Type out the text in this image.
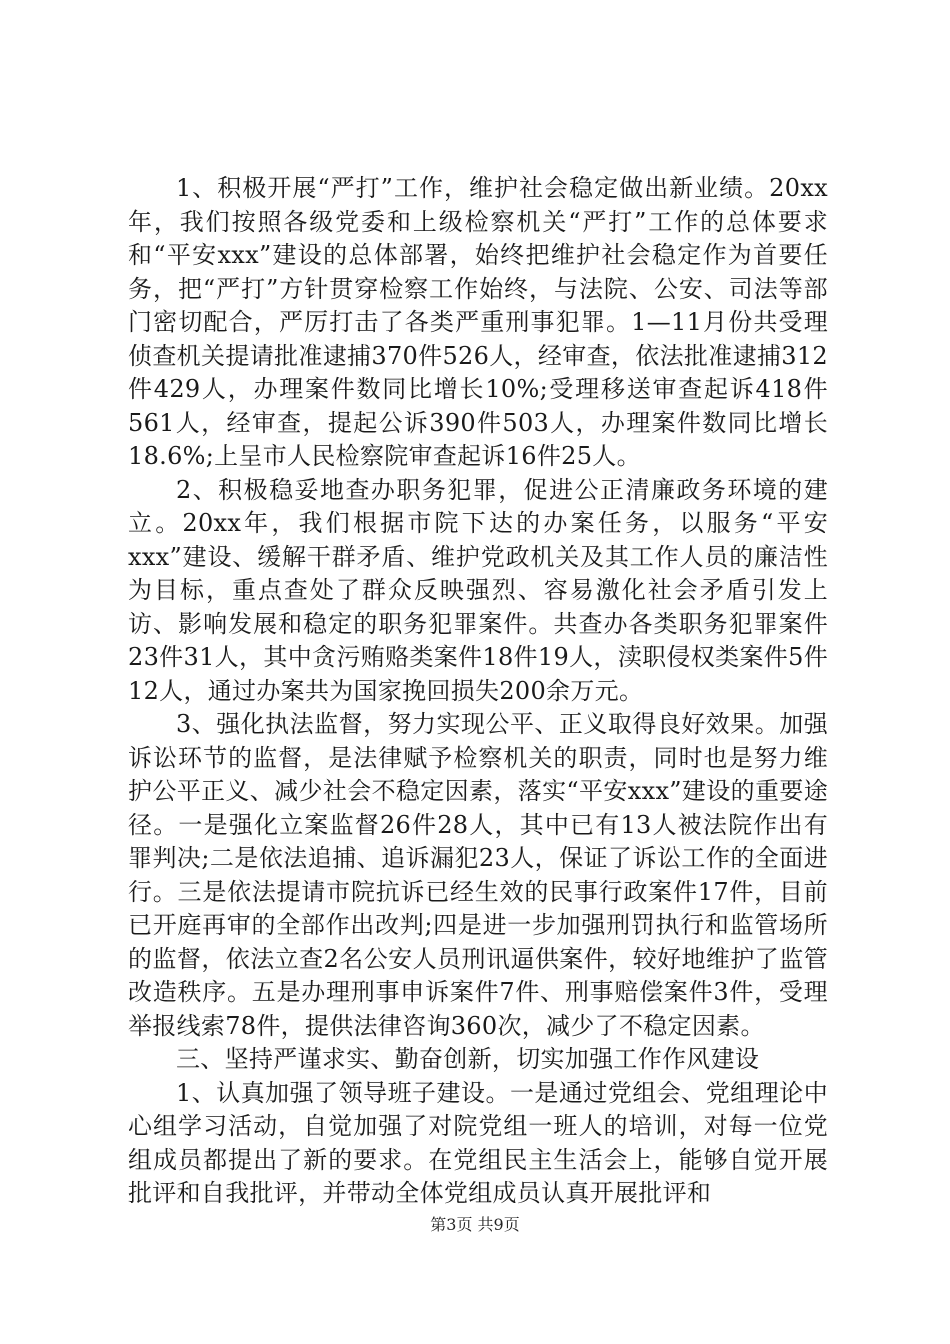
1、积极开展“严打”工作，维护社会稳定做出新业绩。20xx年，我们按照各级党委和上级检察机关“严打”工作的总体要求和“平安xxx”建设的总体部署，始终把维护社会稳定作为首要任务，把“严打”方针贯穿检察工作始终，与法院、公安、司法等部门密切配合，严厉打击了各类严重刑事犯罪。1—11月份共受理侦查机关提请批准逮捕370件526人，经审查，依法批准逮捕312件429人，办理案件数同比增长10%;受理移送审查起诉418件561人，经审查，提起公诉390件503人，办理案件数同比增长18.6%;上呈市人民检察院审查起诉16件25人。

2、积极稳妥地查办职务犯罪，促进公正清廉政务环境的建立。20xx年，我们根据市院下达的办案任务，以服务“平安xxx”建设、缓解干群矛盾、维护党政机关及其工作人员的廉洁性为目标，重点查处了群众反映强烈、容易激化社会矛盾引发上访、影响发展和稳定的职务犯罪案件。共查办各类职务犯罪案件23件31人，其中贪污贿赂类案件18件19人，渎职侵权类案件5件12人，通过办案共为国家挽回损失200余万元。

3、强化执法监督，努力实现公平、正义取得良好效果。加强诉讼环节的监督，是法律赋予检察机关的职责，同时也是努力维护公平正义、减少社会不稳定因素，落实“平安xxx”建设的重要途径。一是强化立案监督26件28人，其中已有13人被法院作出有罪判决;二是依法追捕、追诉漏犯23人，保证了诉讼工作的全面进行。三是依法提请市院抗诉已经生效的民事行政案件17件，目前已开庭再审的全部作出改判;四是进一步加强刑罚执行和监管场所的监督，依法立查2名公安人员刑讯逼供案件，较好地维护了监管改造秩序。五是办理刑事申诉案件7件、刑事赔偿案件3件，受理举报线索78件，提供法律咨询360次，减少了不稳定因素。

三、坚持严谨求实、勤奋创新，切实加强工作作风建设

1、认真加强了领导班子建设。一是通过党组会、党组理论中心组学习活动，自觉加强了对院党组一班人的培训，对每一位党组成员都提出了新的要求。在党组民主生活会上，能够自觉开展批评和自我批评，并带动全体党组成员认真开展批评和

第3页 共9页
